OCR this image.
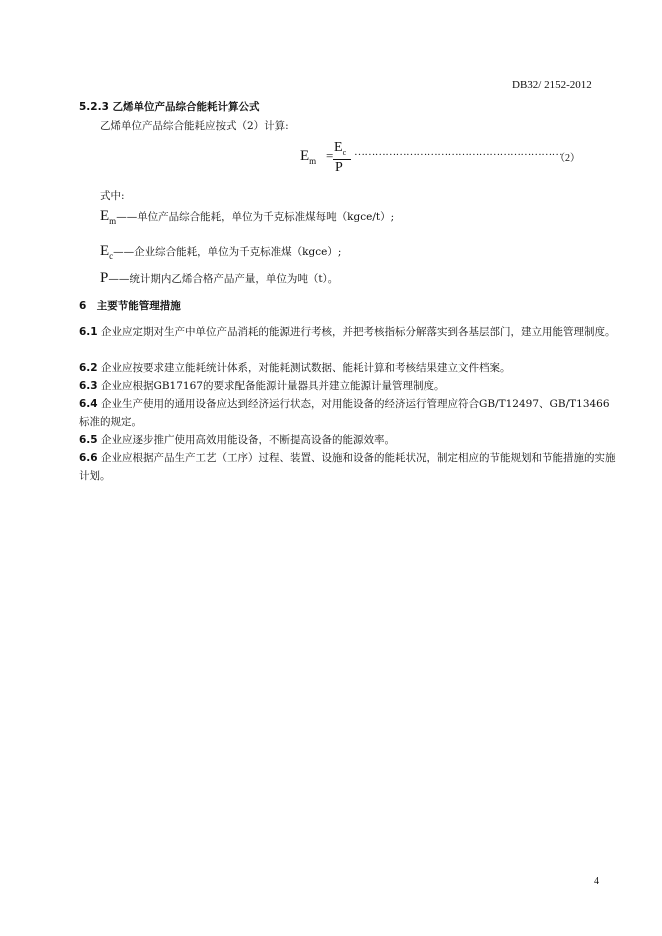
DB32/ 2152-2012
5.2.3 乙烯单位产品综合能耗计算公式
乙烯单位产品综合能耗应按式（2）计算:
$E_m$ =
$E_c$
P
……………………………………………………
（2）
式中:
$E_m——$单位产品综合能耗，单位为千克标准煤每吨（kgce/t）;
$E_c——$企业综合能耗，单位为千克标准煤（kgce）;
P——统计期内乙烯合格产品产量，单位为吨（t）。
6　主要节能管理措施
6.1 企业应定期对生产中单位产品消耗的能源进行考核，并把考核指标分解落实到各基层部门，建立用能管理制度。
6.2 企业应按要求建立能耗统计体系，对能耗测试数据、能耗计算和考核结果建立文件档案。
6.3 企业应根据GB17167的要求配备能源计量器具并建立能源计量管理制度。
6.4 企业生产使用的通用设备应达到经济运行状态，对用能设备的经济运行管理应符合GB/T12497、GB/T13466标准的规定。
6.5 企业应逐步推广使用高效用能设备，不断提高设备的能源效率。
6.6 企业应根据产品生产工艺（工序）过程、装置、设施和设备的能耗状况，制定相应的节能规划和节能措施的实施计划。
4
